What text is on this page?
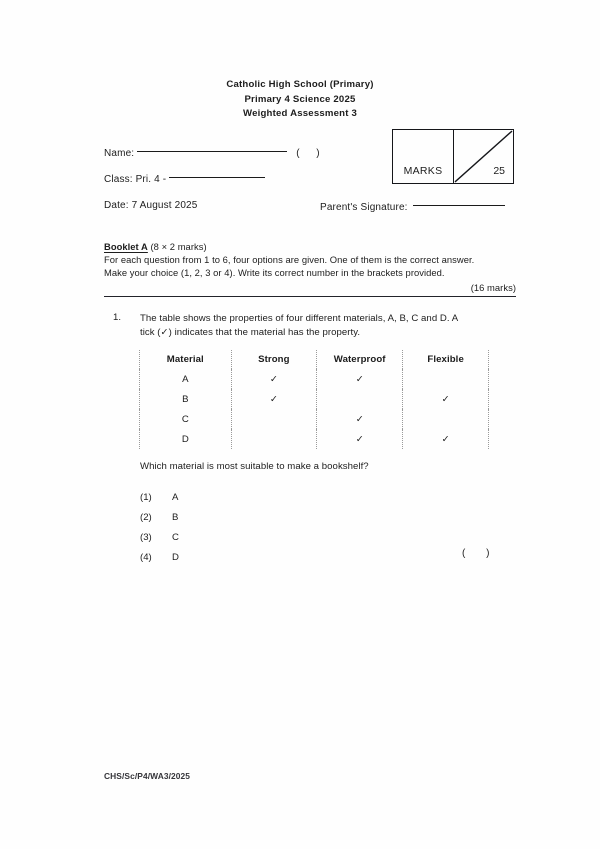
Catholic High School (Primary)
Primary 4 Science 2025
Weighted Assessment 3
MARKS	25
Name:	( )
Class: Pri. 4 -
Date: 7 August 2025	Parent's Signature:
Booklet A (8 × 2 marks)
For each question from 1 to 6, four options are given. One of them is the correct answer.
Make your choice (1, 2, 3 or 4). Write its correct number in the brackets provided.
(16 marks)
1. The table shows the properties of four different materials, A, B, C and D. A tick (✓) indicates that the material has the property.
Material	Strong	Waterproof	Flexible
A	✓	✓	
B	✓		✓
C		✓	
D		✓	✓
Which material is most suitable to make a bookshelf?
(1) A
(2) B
(3) C
(4) D	( )
CHS/Sc/P4/WA3/2025
